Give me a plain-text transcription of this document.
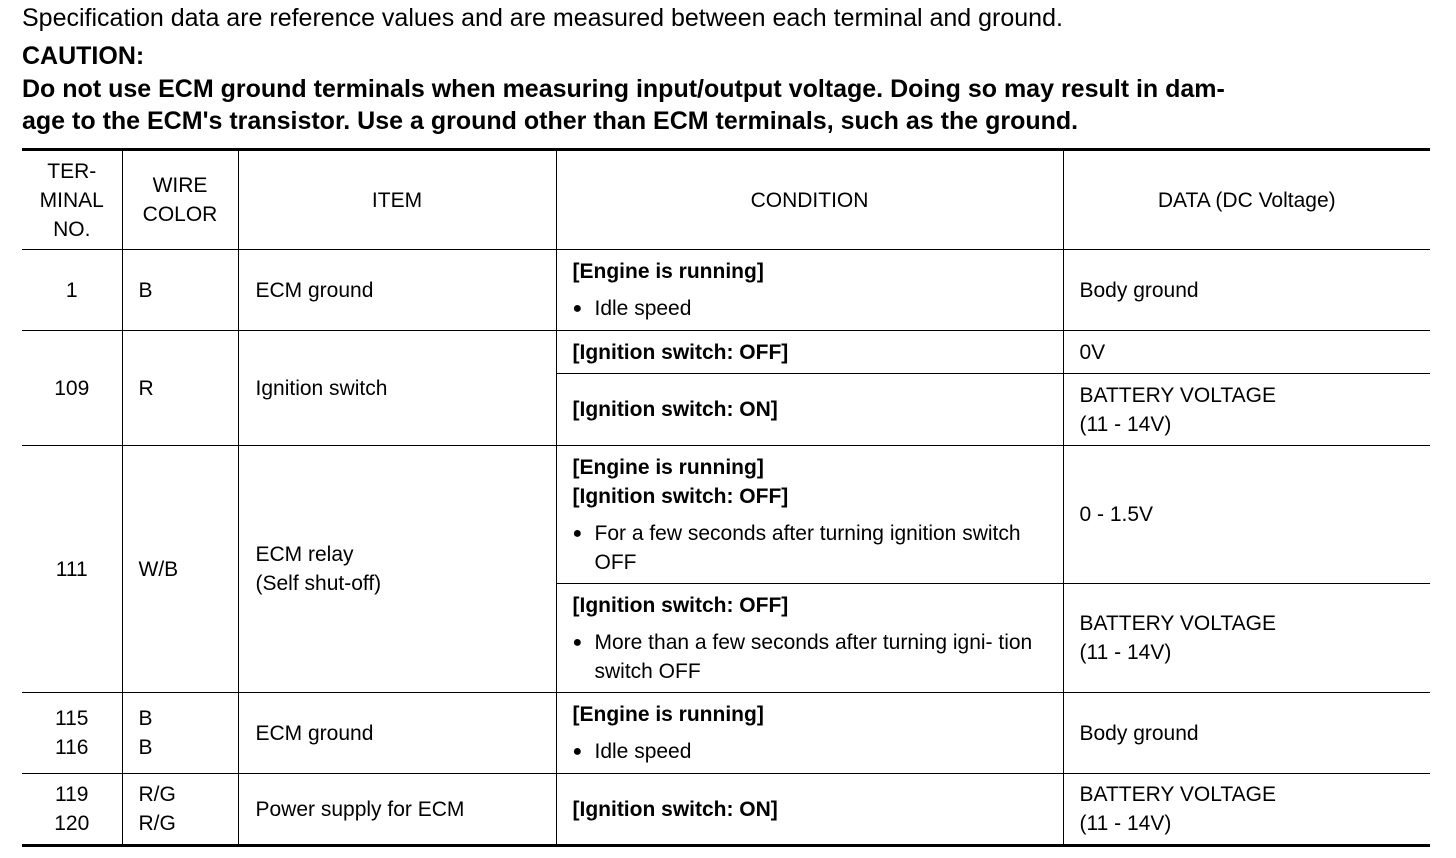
Specification data are reference values and are measured between each terminal and ground.
CAUTION:
Do not use ECM ground terminals when measuring input/output voltage. Doing so may result in dam-
age to the ECM's transistor. Use a ground other than ECM terminals, such as the ground.
TER-
MINAL
NO.	WIRE
COLOR	ITEM	CONDITION	DATA (DC Voltage)
1	B	ECM ground	[Engine is running]
● Idle speed	Body ground
109	R	Ignition switch	[Ignition switch: OFF]	0V

			[Ignition switch: ON]	BATTERY VOLTAGE
(11 - 14V)

111	W/B	ECM relay
(Self shut-off)	[Engine is running]
[Ignition switch: OFF]
● For a few seconds after turning ignition switch OFF	0 - 1.5V

			[Ignition switch: OFF]
● More than a few seconds after turning igni- tion switch OFF	BATTERY VOLTAGE
(11 - 14V)

115
116	B
B	ECM ground	[Engine is running]
● Idle speed	Body ground

119
120	R/G
R/G	Power supply for ECM	[Ignition switch: ON]	BATTERY VOLTAGE
(11 - 14V)
